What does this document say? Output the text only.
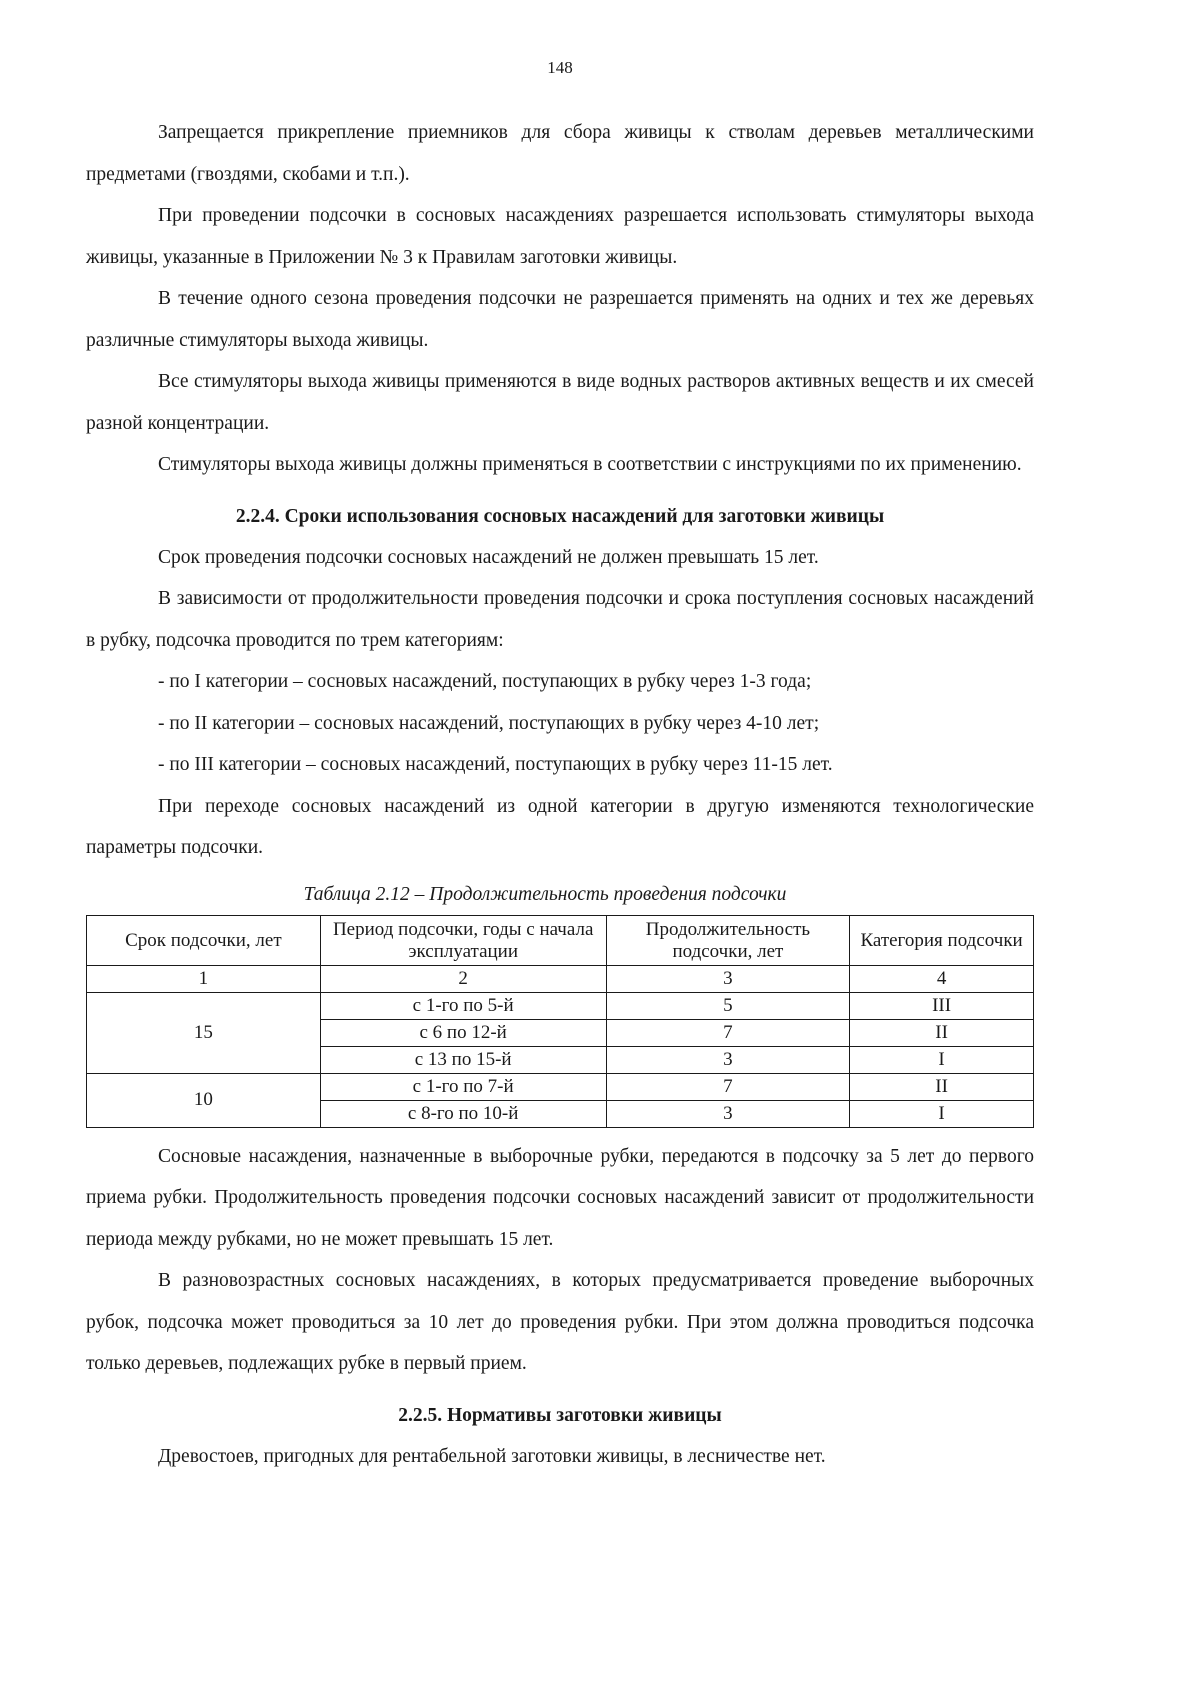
148

Запрещается прикрепление приемников для сбора живицы к стволам деревьев металлическими предметами (гвоздями, скобами и т.п.).

При проведении подсочки в сосновых насаждениях разрешается использовать стимуляторы выхода живицы, указанные в Приложении № 3 к Правилам заготовки живицы.

В течение одного сезона проведения подсочки не разрешается применять на одних и тех же деревьях различные стимуляторы выхода живицы.

Все стимуляторы выхода живицы применяются в виде водных растворов активных веществ и их смесей разной концентрации.

Стимуляторы выхода живицы должны применяться в соответствии с инструкциями по их применению.

2.2.4. Сроки использования сосновых насаждений для заготовки живицы

Срок проведения подсочки сосновых насаждений не должен превышать 15 лет.

В зависимости от продолжительности проведения подсочки и срока поступления сосновых насаждений в рубку, подсочка проводится по трем категориям:

- по I категории – сосновых насаждений, поступающих в рубку через 1-3 года;

- по II категории – сосновых насаждений, поступающих в рубку через 4-10 лет;

- по III категории – сосновых насаждений, поступающих в рубку через 11-15 лет.

При переходе сосновых насаждений из одной категории в другую изменяются технологические параметры подсочки.

Таблица 2.12 – Продолжительность проведения подсочки
Срок подсочки, лет	Период подсочки, годы с начала эксплуатации	Продолжительность подсочки, лет	Категория подсочки
1	2	3	4
15	с 1-го по 5-й	5	III
	с 6 по 12-й	7	II
	с 13 по 15-й	3	I
10	с 1-го по 7-й	7	II
	с 8-го по 10-й	3	I

Сосновые насаждения, назначенные в выборочные рубки, передаются в подсочку за 5 лет до первого приема рубки. Продолжительность проведения подсочки сосновых насаждений зависит от продолжительности периода между рубками, но не может превышать 15 лет.

В разновозрастных сосновых насаждениях, в которых предусматривается проведение выборочных рубок, подсочка может проводиться за 10 лет до проведения рубки. При этом должна проводиться подсочка только деревьев, подлежащих рубке в первый прием.

2.2.5. Нормативы заготовки живицы

Древостоев, пригодных для рентабельной заготовки живицы, в лесничестве нет.
